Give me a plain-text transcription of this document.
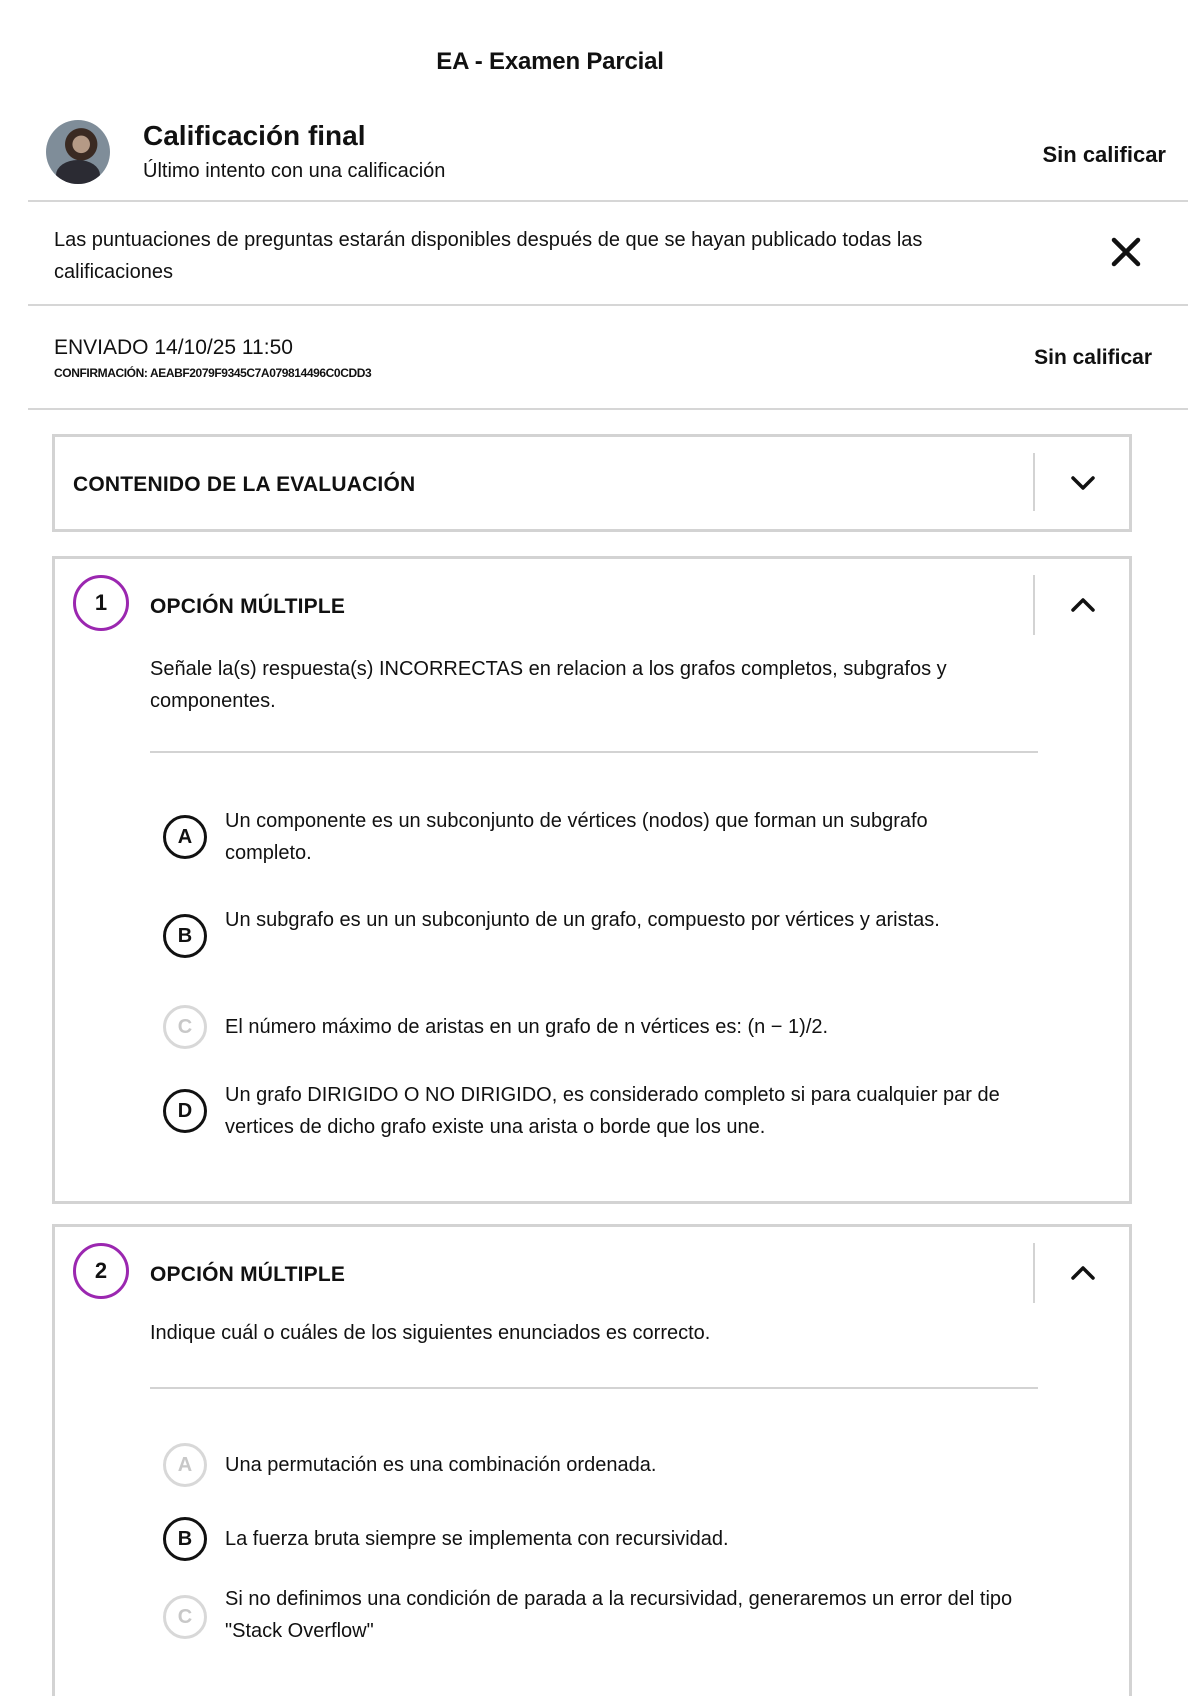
EA - Examen Parcial
Calificación final
Último intento con una calificación
Sin calificar
Las puntuaciones de preguntas estarán disponibles después de que se hayan publicado todas las calificaciones
ENVIADO 14/10/25 11:50
CONFIRMACIÓN: AEABF2079F9345C7A079814496C0CDD3
Sin calificar
CONTENIDO DE LA EVALUACIÓN
1	OPCIÓN MÚLTIPLE
Señale la(s) respuesta(s) INCORRECTAS en relacion a los grafos completos, subgrafos y componentes.
A
Un componente es un subconjunto de vértices (nodos) que forman un subgrafo completo.
B
Un subgrafo es un un subconjunto de un grafo, compuesto por vértices y aristas.
C	El número máximo de aristas en un grafo de n vértices es: (n − 1)/2.
D
Un grafo DIRIGIDO O NO DIRIGIDO, es considerado completo si para cualquier par de vertices de dicho grafo existe una arista o borde que los une.
2	OPCIÓN MÚLTIPLE
Indique cuál o cuáles de los siguientes enunciados es correcto.
A	Una permutación es una combinación ordenada.
B	La fuerza bruta siempre se implementa con recursividad.
C
Si no definimos una condición de parada a la recursividad, generaremos un error del tipo "Stack Overflow"
